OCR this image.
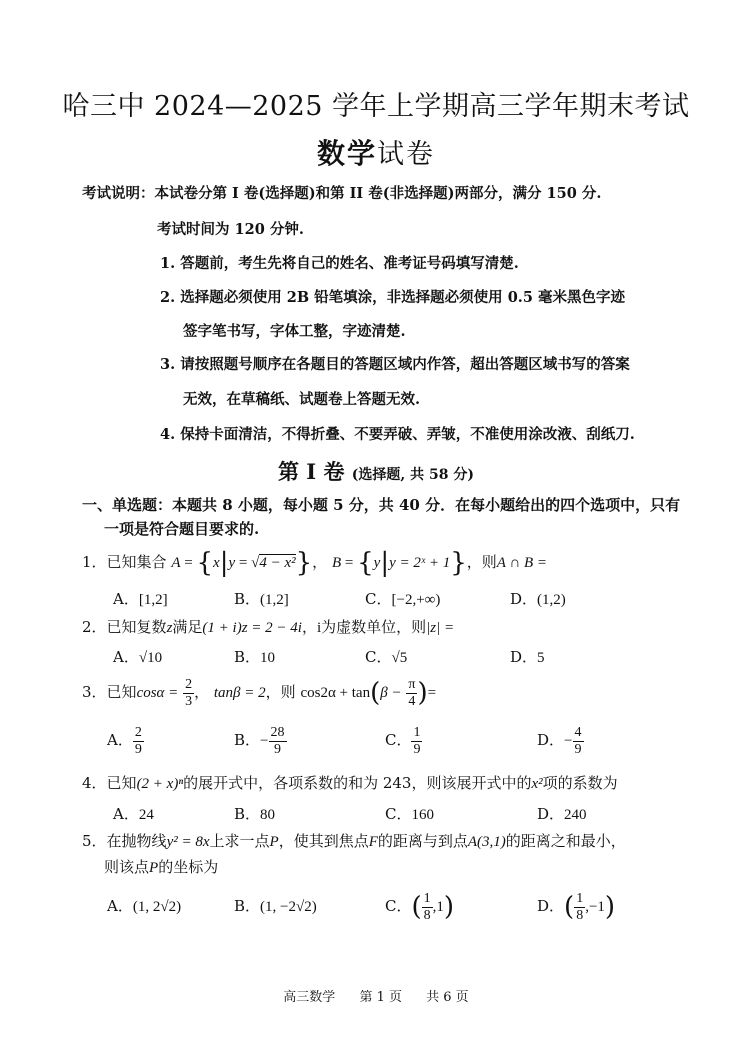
哈三中 2024—2025 学年上学期高三学年期末考试
数学试卷
考试说明：本试卷分第 I 卷(选择题)和第 II 卷(非选择题)两部分，满分 150 分.
考试时间为 120 分钟.
1. 答题前，考生先将自己的姓名、准考证号码填写清楚.
2. 选择题必须使用 2B 铅笔填涂，非选择题必须使用 0.5 毫米黑色字迹
签字笔书写，字体工整，字迹清楚.
3. 请按照题号顺序在各题目的答题区域内作答，超出答题区域书写的答案
无效，在草稿纸、试题卷上答题无效.
4. 保持卡面清洁，不得折叠、不要弄破、弄皱，不准使用涂改液、刮纸刀.
第 I 卷 (选择题, 共 58 分)
一、单选题：本题共 8 小题，每小题 5 分，共 40 分．在每小题给出的四个选项中，只有
一项是符合题目要求的.
1．已知集合 A = {x|y = √4 − x²}， B = {y|y = 2ˣ + 1}，则A ∩ B =
A．[1,2]	B．(1,2]	C．[−2,+∞)	D．(1,2)
2．已知复数z满足(1 + i)z = 2 − 4i，i为虚数单位，则|z| =
A．√10	B．10	C．√5	D．5
3．已知$\cos\alpha = \frac{2}{3}$ ， tanβ = 2，则 $\cos 2\alpha + \tan(\beta - \frac{\pi}{4}$ )=
A． $\frac{2}{9}$	B．− $\frac{28}{9}$	C． $\frac{1}{9}$	D．− $\frac{4}{9}$
4．已知(2 + x)ⁿ的展开式中，各项系数的和为 243，则该展开式中的x²项的系数为
A．24	B．80	C．160	D．240
5．在抛物线y² = 8x上求一点P，使其到焦点F的距离与到点A(3,1)的距离之和最小，
则该点P的坐标为
A．(1, 2√2)	B．(1, −2√2)	C．( $\frac{1}{8} ,1$)	D．( $\frac{1}{8} ,-1$)
高三数学 第 1 页 共 6 页
